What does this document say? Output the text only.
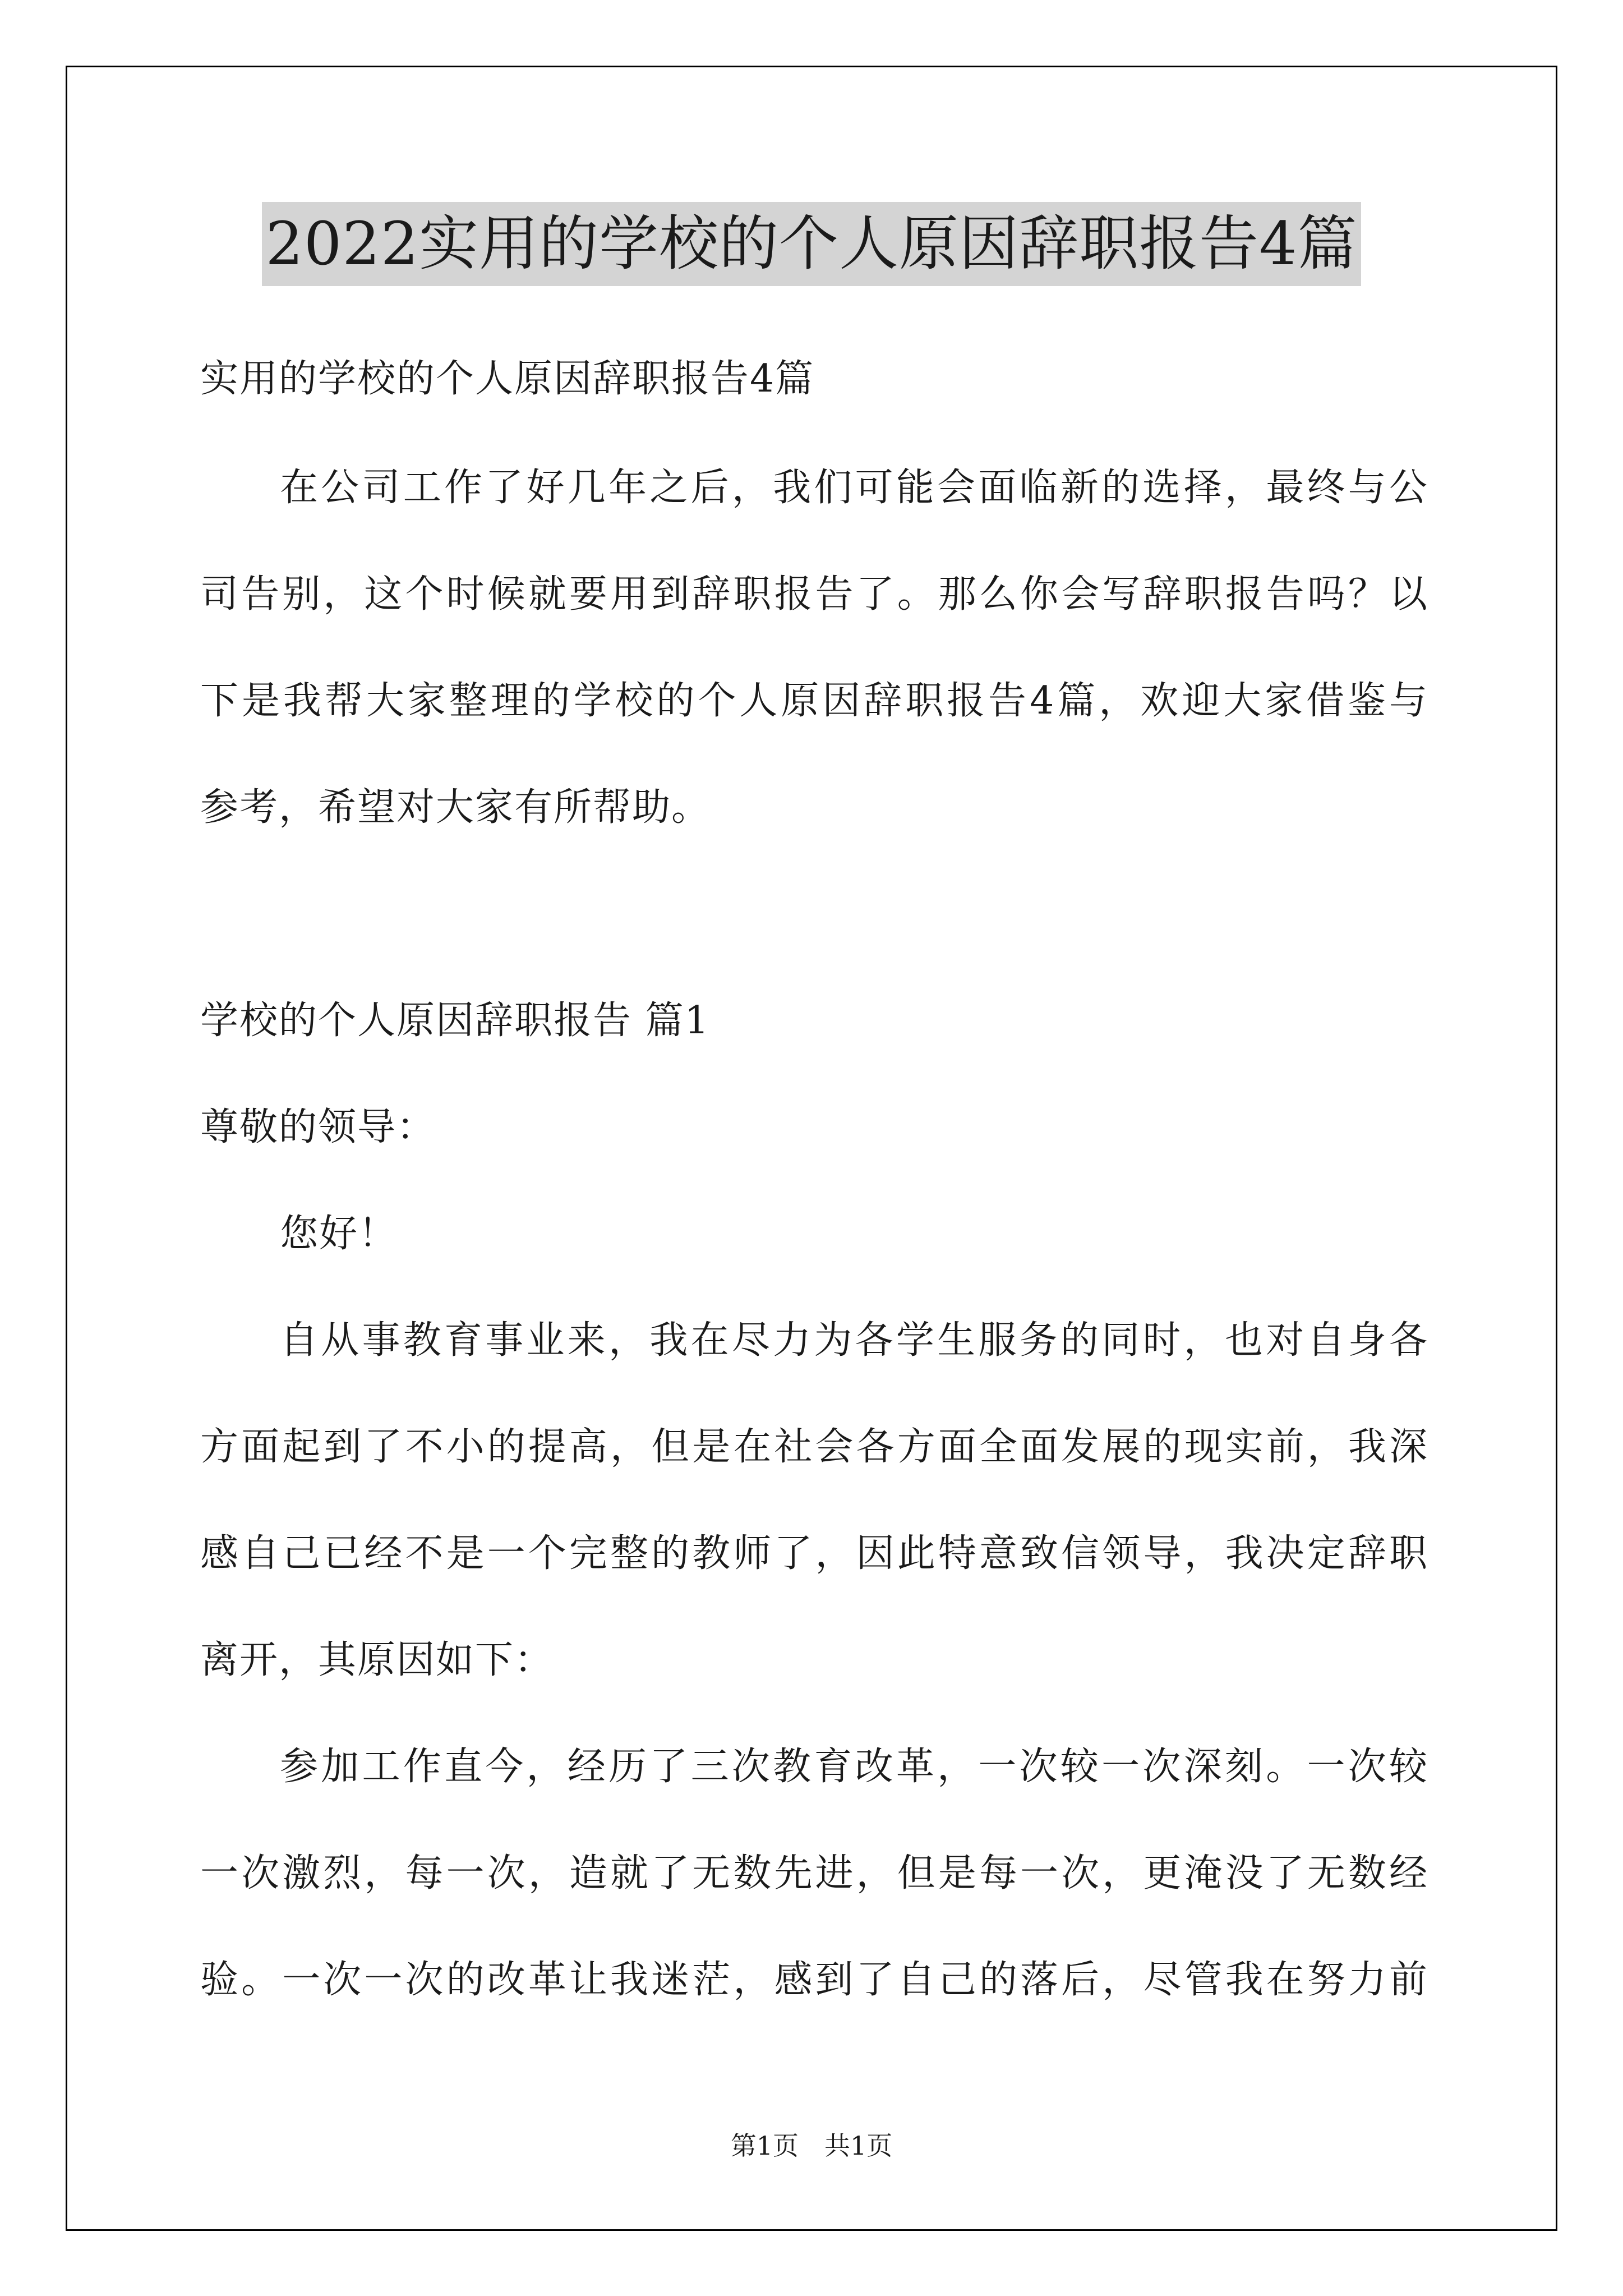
2022实用的学校的个人原因辞职报告4篇
实用的学校的个人原因辞职报告4篇
在公司工作了好几年之后，我们可能会面临新的选择，最终与公
司告别，这个时候就要用到辞职报告了。那么你会写辞职报告吗？以
下是我帮大家整理的学校的个人原因辞职报告4篇，欢迎大家借鉴与
参考，希望对大家有所帮助。
学校的个人原因辞职报告 篇1
尊敬的领导：
您好！
自从事教育事业来，我在尽力为各学生服务的同时，也对自身各
方面起到了不小的提高，但是在社会各方面全面发展的现实前，我深
感自己已经不是一个完整的教师了，因此特意致信领导，我决定辞职
离开，其原因如下：
参加工作直今，经历了三次教育改革，一次较一次深刻。一次较
一次激烈，每一次，造就了无数先进，但是每一次，更淹没了无数经
验。一次一次的改革让我迷茫，感到了自己的落后，尽管我在努力前
第1页　共1页
